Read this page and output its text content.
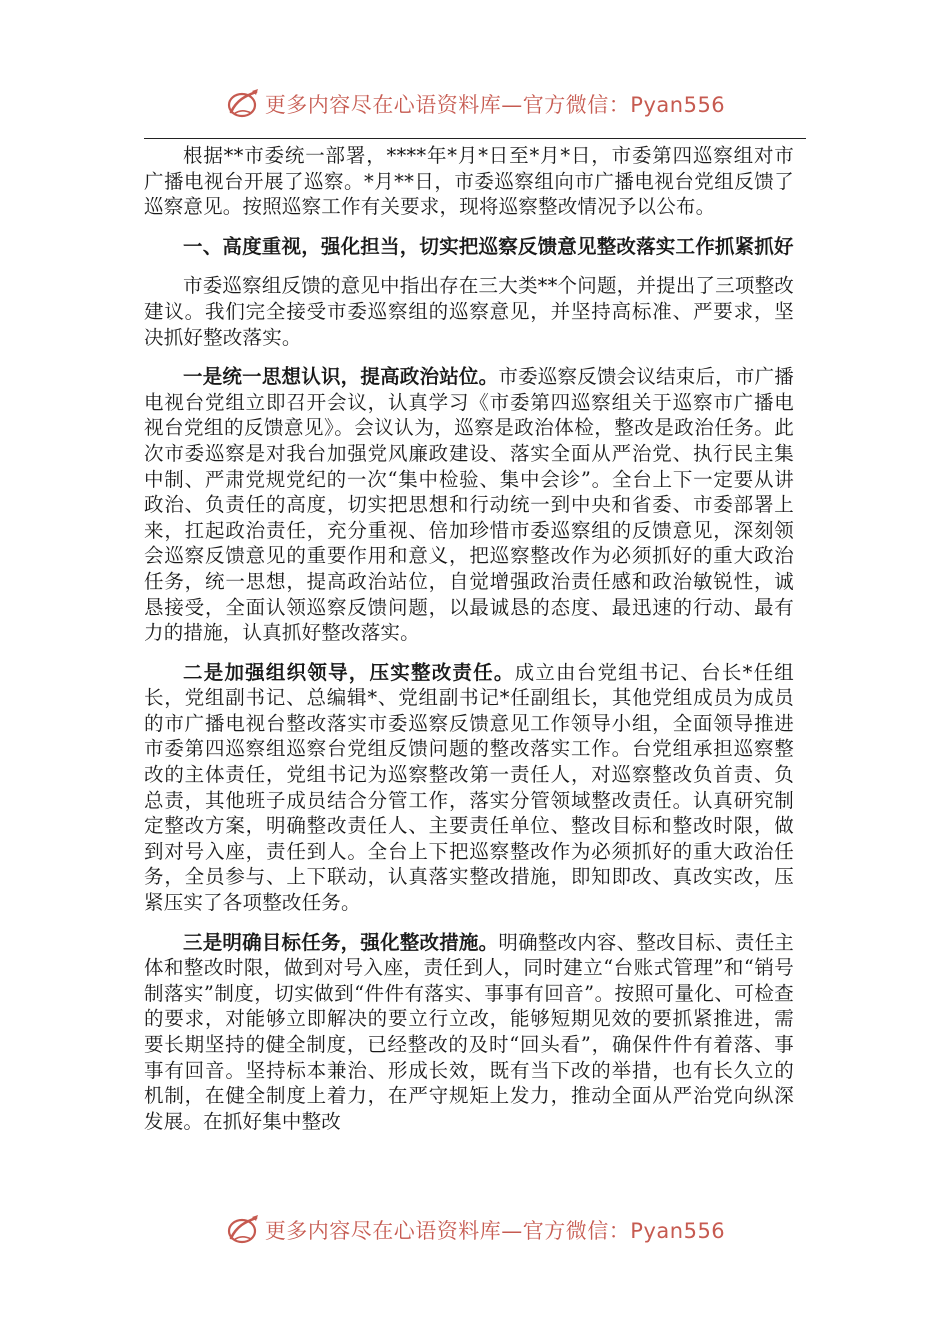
更多内容尽在心语资料库—官方微信：Pyan556

根据**市委统一部署，****年*月*日至*月*日，市委第四巡察组对市广播电视台开展了巡察。*月**日，市委巡察组向市广播电视台党组反馈了巡察意见。按照巡察工作有关要求，现将巡察整改情况予以公布。

一、高度重视，强化担当，切实把巡察反馈意见整改落实工作抓紧抓好

市委巡察组反馈的意见中指出存在三大类**个问题，并提出了三项整改建议。我们完全接受市委巡察组的巡察意见，并坚持高标准、严要求，坚决抓好整改落实。

一是统一思想认识，提高政治站位。市委巡察反馈会议结束后，市广播电视台党组立即召开会议，认真学习《市委第四巡察组关于巡察市广播电视台党组的反馈意见》。会议认为，巡察是政治体检，整改是政治任务。此次市委巡察是对我台加强党风廉政建设、落实全面从严治党、执行民主集中制、严肃党规党纪的一次“集中检验、集中会诊”。全台上下一定要从讲政治、负责任的高度，切实把思想和行动统一到中央和省委、市委部署上来，扛起政治责任，充分重视、倍加珍惜市委巡察组的反馈意见，深刻领会巡察反馈意见的重要作用和意义，把巡察整改作为必须抓好的重大政治任务，统一思想，提高政治站位，自觉增强政治责任感和政治敏锐性，诚恳接受，全面认领巡察反馈问题，以最诚恳的态度、最迅速的行动、最有力的措施，认真抓好整改落实。

二是加强组织领导，压实整改责任。成立由台党组书记、台长*任组长，党组副书记、总编辑*、党组副书记*任副组长，其他党组成员为成员的市广播电视台整改落实市委巡察反馈意见工作领导小组，全面领导推进市委第四巡察组巡察台党组反馈问题的整改落实工作。台党组承担巡察整改的主体责任，党组书记为巡察整改第一责任人，对巡察整改负首责、负总责，其他班子成员结合分管工作，落实分管领域整改责任。认真研究制定整改方案，明确整改责任人、主要责任单位、整改目标和整改时限，做到对号入座，责任到人。全台上下把巡察整改作为必须抓好的重大政治任务，全员参与、上下联动，认真落实整改措施，即知即改、真改实改，压紧压实了各项整改任务。

三是明确目标任务，强化整改措施。明确整改内容、整改目标、责任主体和整改时限，做到对号入座，责任到人，同时建立“台账式管理”和“销号制落实”制度，切实做到“件件有落实、事事有回音”。按照可量化、可检查的要求，对能够立即解决的要立行立改，能够短期见效的要抓紧推进，需要长期坚持的健全制度，已经整改的及时“回头看”，确保件件有着落、事事有回音。坚持标本兼治、形成长效，既有当下改的举措，也有长久立的机制，在健全制度上着力，在严守规矩上发力，推动全面从严治党向纵深发展。在抓好集中整改

更多内容尽在心语资料库—官方微信：Pyan556
